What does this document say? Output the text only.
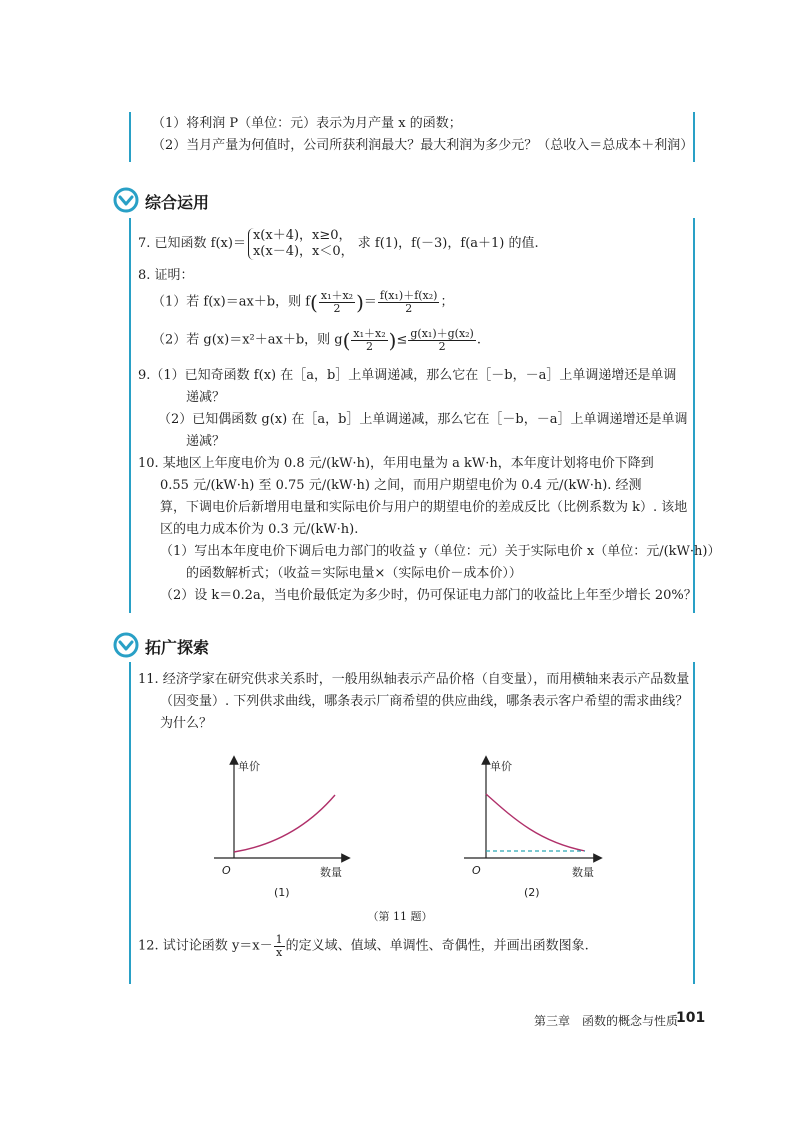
（1）将利润 P（单位：元）表示为月产量 x 的函数；
（2）当月产量为何值时，公司所获利润最大？最大利润为多少元？（总收入＝总成本＋利润）
综合运用
7. 已知函数 f(x)＝
x(x＋4)，x≥0，
x(x－4)，x＜0，
求 f(1)，f(－3)，f(a＋1) 的值.
8. 证明：
（1）若 f(x)＝ax＋b，则 $f( \frac{\text{x₁＋x₂}}{2}$ )＝ $\frac{\text{f(x₁)＋f(x₂)}}{2}$ ；
（2）若 g(x)＝x²＋ax＋b，则 $g( \frac{\text{x₁＋x₂}}{2}$ )≤ $\frac{\text{g(x₁)＋g(x₂)}}{2}$ .
9.（1）已知奇函数 f(x) 在［a，b］上单调递减，那么它在［－b，－a］上单调递增还是单调
递减？
（2）已知偶函数 g(x) 在［a，b］上单调递减，那么它在［－b，－a］上单调递增还是单调
递减？
10. 某地区上年度电价为 0.8 元/(kW·h)，年用电量为 a kW·h，本年度计划将电价下降到
0.55 元/(kW·h) 至 0.75 元/(kW·h) 之间，而用户期望电价为 0.4 元/(kW·h). 经测
算，下调电价后新增用电量和实际电价与用户的期望电价的差成反比（比例系数为 k）. 该地
区的电力成本价为 0.3 元/(kW·h).
（1）写出本年度电价下调后电力部门的收益 y（单位：元）关于实际电价 x（单位：元/(kW·h)）
的函数解析式；（收益＝实际电量×（实际电价－成本价））
（2）设 k＝0.2a，当电价最低定为多少时，仍可保证电力部门的收益比上年至少增长 20%？
拓广探索
11. 经济学家在研究供求关系时，一般用纵轴表示产品价格（自变量），而用横轴来表示产品数量
（因变量）. 下列供求曲线，哪条表示厂商希望的供应曲线，哪条表示客户希望的需求曲线？
为什么？
单价
数量
O
(1)
单价
数量
O
(2)
（第 11 题）
12. 试讨论函数 $y=x- \frac{1}{x}$ 的定义域、值域、单调性、奇偶性，并画出函数图象.
第三章　函数的概念与性质
101
